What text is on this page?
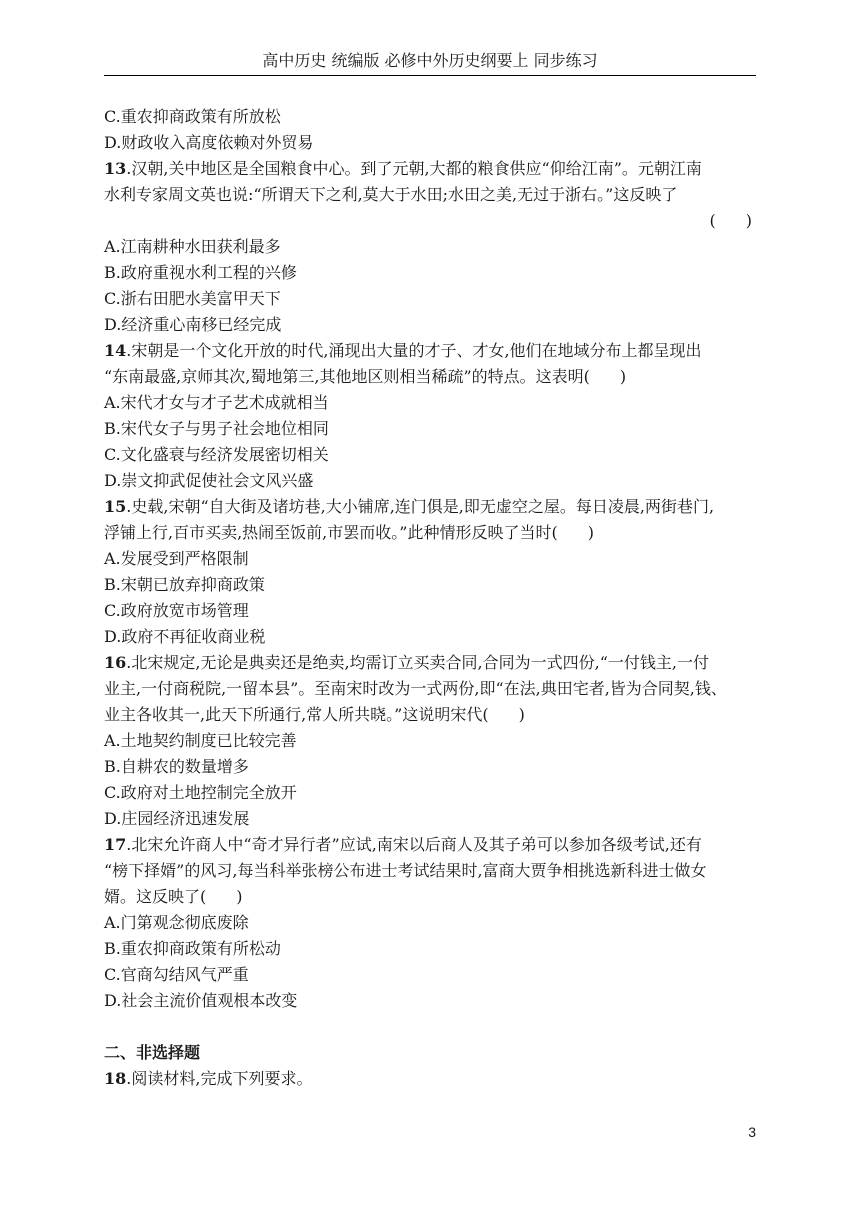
高中历史 统编版 必修中外历史纲要上 同步练习
C.重农抑商政策有所放松
D.财政收入高度依赖对外贸易
13.汉朝,关中地区是全国粮食中心。到了元朝,大都的粮食供应“仰给江南”。元朝江南
水利专家周文英也说:“所谓天下之利,莫大于水田;水田之美,无过于浙右。”这反映了
( )
A.江南耕种水田获利最多
B.政府重视水利工程的兴修
C.浙右田肥水美富甲天下
D.经济重心南移已经完成
14.宋朝是一个文化开放的时代,涌现出大量的才子、才女,他们在地域分布上都呈现出
“东南最盛,京师其次,蜀地第三,其他地区则相当稀疏”的特点。这表明( )
A.宋代才女与才子艺术成就相当
B.宋代女子与男子社会地位相同
C.文化盛衰与经济发展密切相关
D.崇文抑武促使社会文风兴盛
15.史载,宋朝“自大街及诸坊巷,大小铺席,连门俱是,即无虚空之屋。每日凌晨,两街巷门,
浮铺上行,百市买卖,热闹至饭前,市罢而收。”此种情形反映了当时( )
A.发展受到严格限制
B.宋朝已放弃抑商政策
C.政府放宽市场管理
D.政府不再征收商业税
16.北宋规定,无论是典卖还是绝卖,均需订立买卖合同,合同为一式四份,“一付钱主,一付
业主,一付商税院,一留本县”。至南宋时改为一式两份,即“在法,典田宅者,皆为合同契,钱、
业主各收其一,此天下所通行,常人所共晓。”这说明宋代( )
A.土地契约制度已比较完善
B.自耕农的数量增多
C.政府对土地控制完全放开
D.庄园经济迅速发展
17.北宋允许商人中“奇才异行者”应试,南宋以后商人及其子弟可以参加各级考试,还有
“榜下择婿”的风习,每当科举张榜公布进士考试结果时,富商大贾争相挑选新科进士做女
婿。这反映了( )
A.门第观念彻底废除
B.重农抑商政策有所松动
C.官商勾结风气严重
D.社会主流价值观根本改变
二、非选择题
18.阅读材料,完成下列要求。
3
